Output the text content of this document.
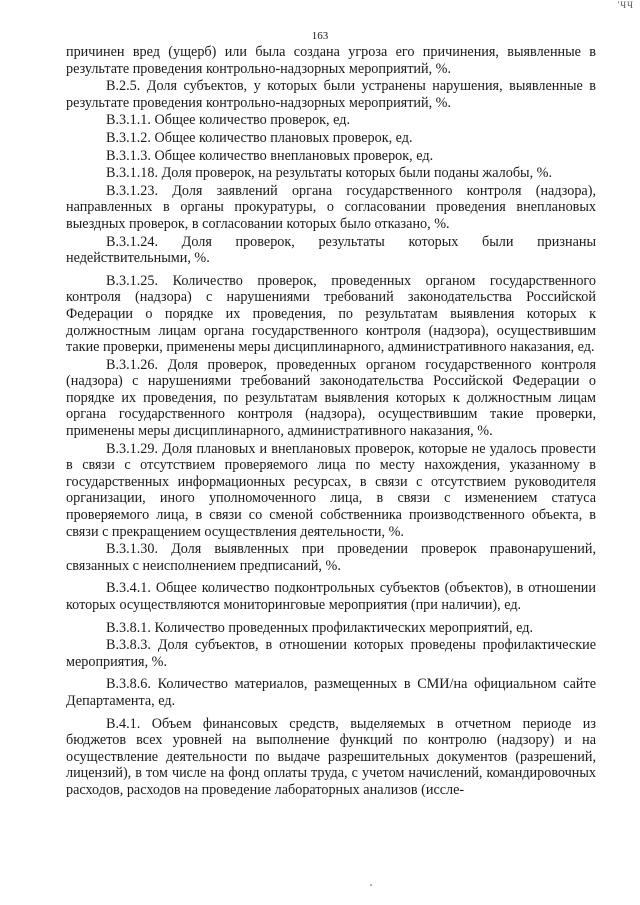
'ЧЧ
163

причинен вред (ущерб) или была создана угроза его причинения, выявленные в результате проведения контрольно-надзорных мероприятий, %.

В.2.5. Доля субъектов, у которых были устранены нарушения, выявленные в результате проведения контрольно-надзорных мероприятий, %.

В.3.1.1. Общее количество проверок, ед.

В.3.1.2. Общее количество плановых проверок, ед.

В.3.1.3. Общее количество внеплановых проверок, ед.

В.3.1.18. Доля проверок, на результаты которых были поданы жалобы, %.

В.3.1.23. Доля заявлений органа государственного контроля (надзора), направленных в органы прокуратуры, о согласовании проведения внеплановых выездных проверок, в согласовании которых было отказано, %.

В.3.1.24. Доля проверок, результаты которых были признаны недействительными, %.

В.3.1.25. Количество проверок, проведенных органом государственного контроля (надзора) с нарушениями требований законодательства Российской Федерации о порядке их проведения, по результатам выявления которых к должностным лицам органа государственного контроля (надзора), осуществившим такие проверки, применены меры дисциплинарного, административного наказания, ед.

В.3.1.26. Доля проверок, проведенных органом государственного контроля (надзора) с нарушениями требований законодательства Российской Федерации о порядке их проведения, по результатам выявления которых к должностным лицам органа государственного контроля (надзора), осуществившим такие проверки, применены меры дисциплинарного, административного наказания, %.

В.3.1.29. Доля плановых и внеплановых проверок, которые не удалось провести в связи с отсутствием проверяемого лица по месту нахождения, указанному в государственных информационных ресурсах, в связи с отсутствием руководителя организации, иного уполномоченного лица, в связи с изменением статуса проверяемого лица, в связи со сменой собственника производственного объекта, в связи с прекращением осуществления деятельности, %.

В.3.1.30. Доля выявленных при проведении проверок правонарушений, связанных с неисполнением предписаний, %.

В.3.4.1. Общее количество подконтрольных субъектов (объектов), в отношении которых осуществляются мониторинговые мероприятия (при наличии), ед.

В.3.8.1. Количество проведенных профилактических мероприятий, ед.

В.3.8.3. Доля субъектов, в отношении которых проведены профилактические мероприятия, %.

В.3.8.6. Количество материалов, размещенных в СМИ/на официальном сайте Департамента, ед.

В.4.1. Объем финансовых средств, выделяемых в отчетном периоде из бюджетов всех уровней на выполнение функций по контролю (надзору) и на осуществление деятельности по выдаче разрешительных документов (разрешений, лицензий), в том числе на фонд оплаты труда, с учетом начислений, командировочных расходов, расходов на проведение лабораторных анализов (иссле-
